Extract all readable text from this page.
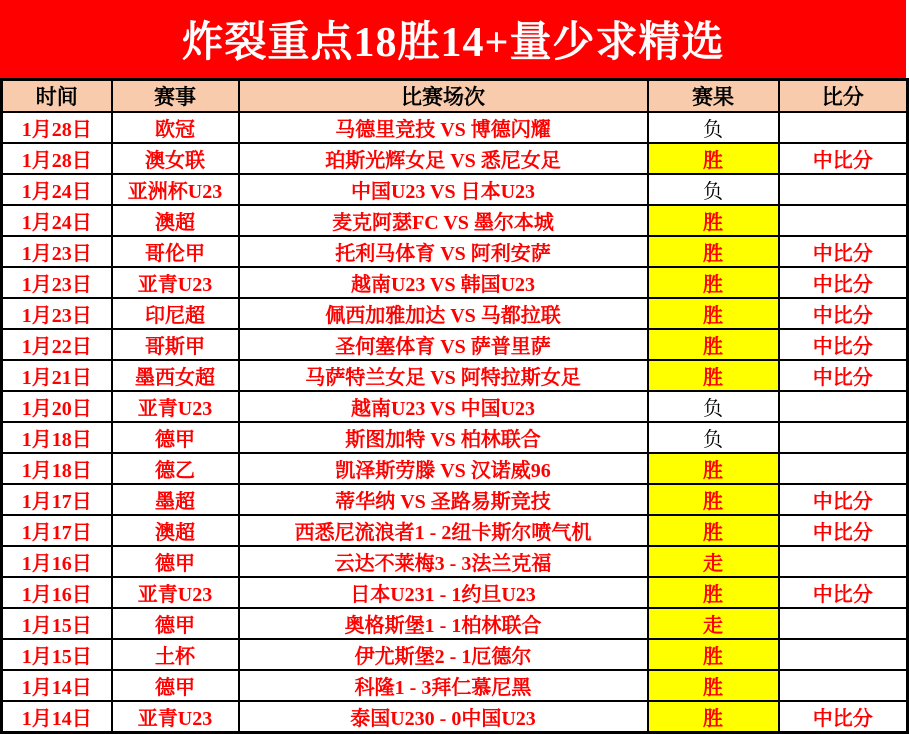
炸裂重点18胜14+量少求精选
时间	赛事	比赛场次	赛果	比分
1月28日	欧冠	马德里竞技 VS 博德闪耀	负	
1月28日	澳女联	珀斯光辉女足 VS 悉尼女足	胜	中比分
1月24日	亚洲杯U23	中国U23 VS 日本U23	负	
1月24日	澳超	麦克阿瑟FC VS 墨尔本城	胜	
1月23日	哥伦甲	托利马体育 VS 阿利安萨	胜	中比分
1月23日	亚青U23	越南U23 VS 韩国U23	胜	中比分
1月23日	印尼超	佩西加雅加达 VS 马都拉联	胜	中比分
1月22日	哥斯甲	圣何塞体育 VS 萨普里萨	胜	中比分
1月21日	墨西女超	马萨特兰女足 VS 阿特拉斯女足	胜	中比分
1月20日	亚青U23	越南U23 VS 中国U23	负	
1月18日	德甲	斯图加特 VS 柏林联合	负	
1月18日	德乙	凯泽斯劳滕 VS 汉诺威96	胜	
1月17日	墨超	蒂华纳 VS 圣路易斯竞技	胜	中比分
1月17日	澳超	西悉尼流浪者1 - 2纽卡斯尔喷气机	胜	中比分
1月16日	德甲	云达不莱梅3 - 3法兰克福	走	
1月16日	亚青U23	日本U231 - 1约旦U23	胜	中比分
1月15日	德甲	奥格斯堡1 - 1柏林联合	走	
1月15日	土杯	伊尤斯堡2 - 1厄德尔	胜	
1月14日	德甲	科隆1 - 3拜仁慕尼黑	胜	
1月14日	亚青U23	泰国U230 - 0中国U23	胜	中比分
